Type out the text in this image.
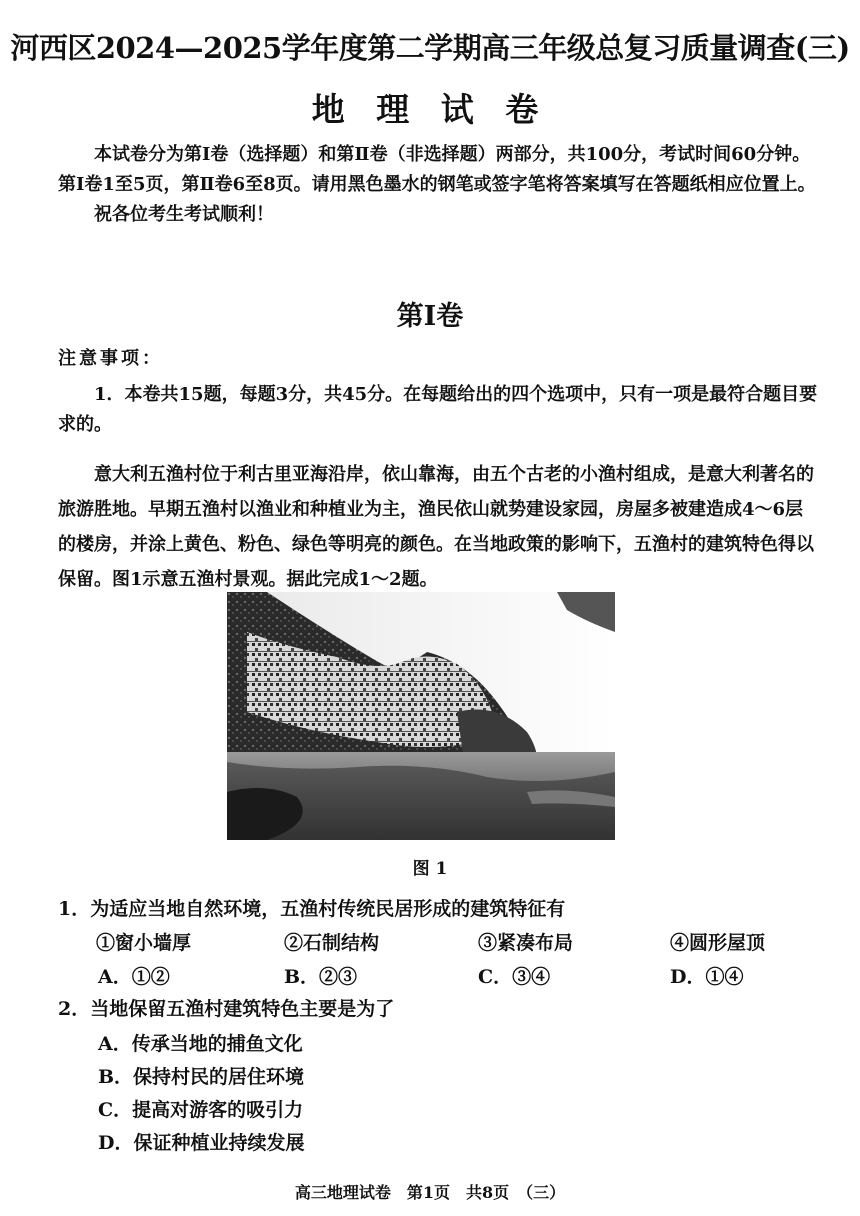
河西区2024—2025学年度第二学期高三年级总复习质量调查(三)
地 理 试 卷

本试卷分为第Ⅰ卷（选择题）和第Ⅱ卷（非选择题）两部分，共100分，考试时间60分钟。第Ⅰ卷1至5页，第Ⅱ卷6至8页。请用黑色墨水的钢笔或签字笔将答案填写在答题纸相应位置上。

祝各位考生考试顺利！

第Ⅰ卷
注意事项：

1．本卷共15题，每题3分，共45分。在每题给出的四个选项中，只有一项是最符合题目要求的。

意大利五渔村位于利古里亚海沿岸，依山靠海，由五个古老的小渔村组成，是意大利著名的旅游胜地。早期五渔村以渔业和种植业为主，渔民依山就势建设家园，房屋多被建造成4～6层的楼房，并涂上黄色、粉色、绿色等明亮的颜色。在当地政策的影响下，五渔村的建筑特色得以保留。图1示意五渔村景观。据此完成1～2题。

图 1
1．为适应当地自然环境，五渔村传统民居形成的建筑特征有
①窗小墙厚	②石制结构	③紧凑布局	④圆形屋顶
A．①②	B．②③	C．③④	D．①④
2．当地保留五渔村建筑特色主要是为了
A．传承当地的捕鱼文化
B．保持村民的居住环境
C．提高对游客的吸引力
D．保证种植业持续发展
高三地理试卷　第1页　共8页　（三）
